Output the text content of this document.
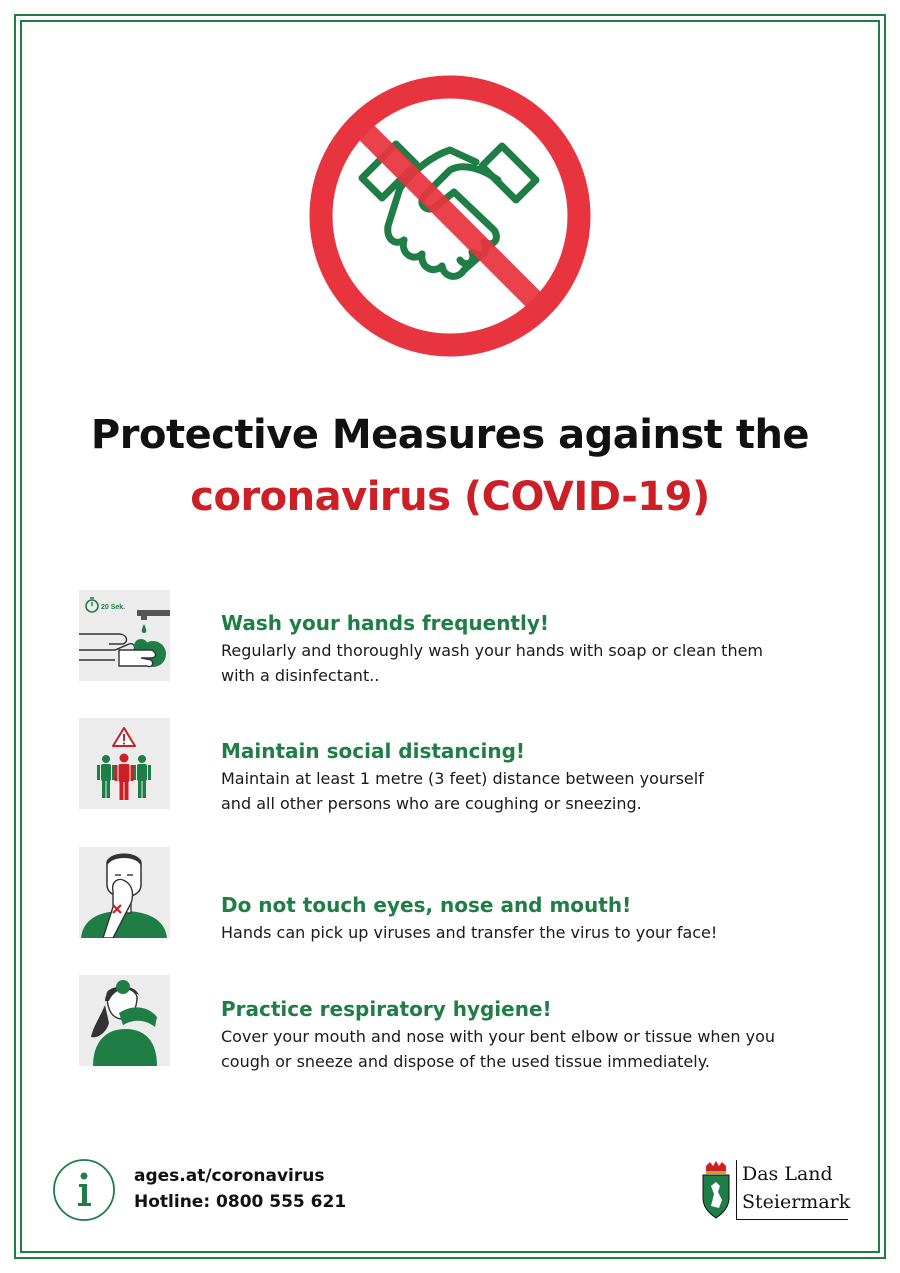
Protective Measures against the
coronavirus (COVID-19)
20 Sek.

Wash your hands frequently!

Regularly and thoroughly wash your hands with soap or clean them

with a disinfectant..

Maintain social distancing!

Maintain at least 1 metre (3 feet) distance between yourself

and all other persons who are coughing or sneezing.

Do not touch eyes, nose and mouth!

Hands can pick up viruses and transfer the virus to your face!

Practice respiratory hygiene!

Cover your mouth and nose with your bent elbow or tissue when you

cough or sneeze and dispose of the used tissue immediately.

ages.at/coronavirus
Hotline: 0800 555 621
Das Land
Steiermark
